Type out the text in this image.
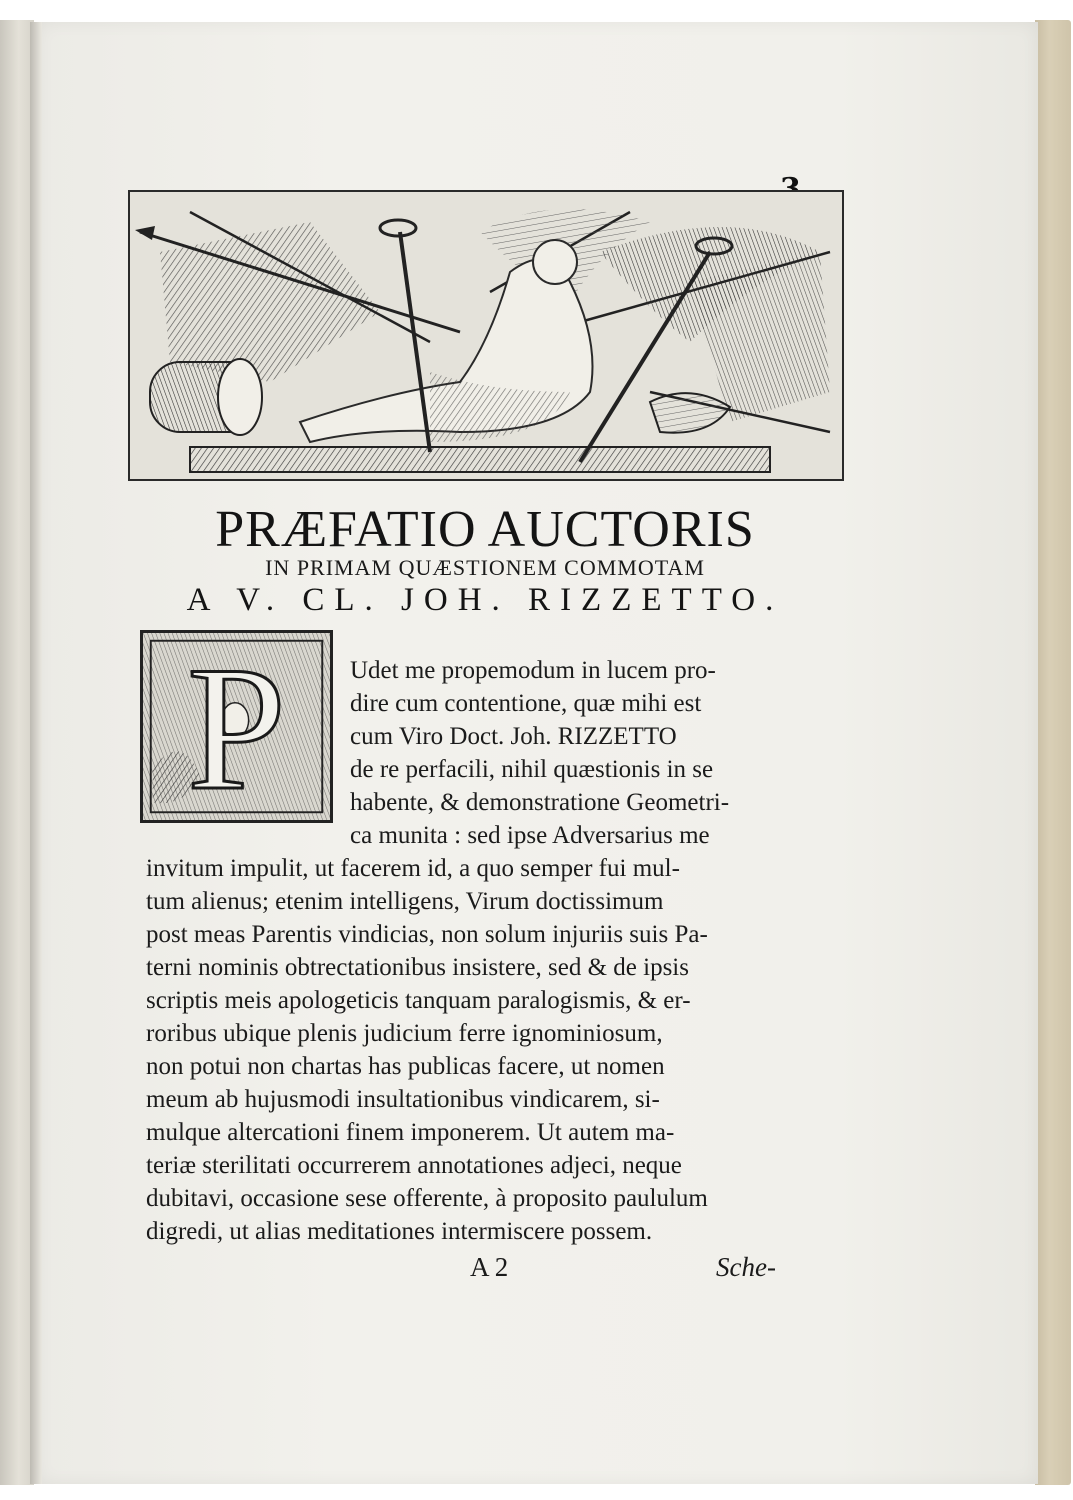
PRÆFATIO AUCTORIS
IN PRIMAM QUÆSTIONEM COMMOTAM
A V. CL. JOH. RIZZETTO.
P	Udet me propemodum in lucem pro-
dire cum contentione, quæ mihi est
cum Viro Doct. Joh. RIZZETTO
de re perfacili, nihil quæstionis in se
habente, & demonstratione Geometri-
ca munita : sed ipse Adversarius me
invitum impulit, ut facerem id, a quo semper fui mul-
tum alienus; etenim intelligens, Virum doctissimum
post meas Parentis vindicias, non solum injuriis suis Pa-
terni nominis obtrectationibus insistere, sed & de ipsis
scriptis meis apologeticis tanquam paralogismis, & er-
roribus ubique plenis judicium ferre ignominiosum,
non potui non chartas has publicas facere, ut nomen
meum ab hujusmodi insultationibus vindicarem, si-
mulque altercationi finem imponerem. Ut autem ma-
teriæ sterilitati occurrerem annotationes adjeci, neque
dubitavi, occasione sese offerente, à proposito paululum
digredi, ut alias meditationes intermiscere possem.
A 2	Sche-
